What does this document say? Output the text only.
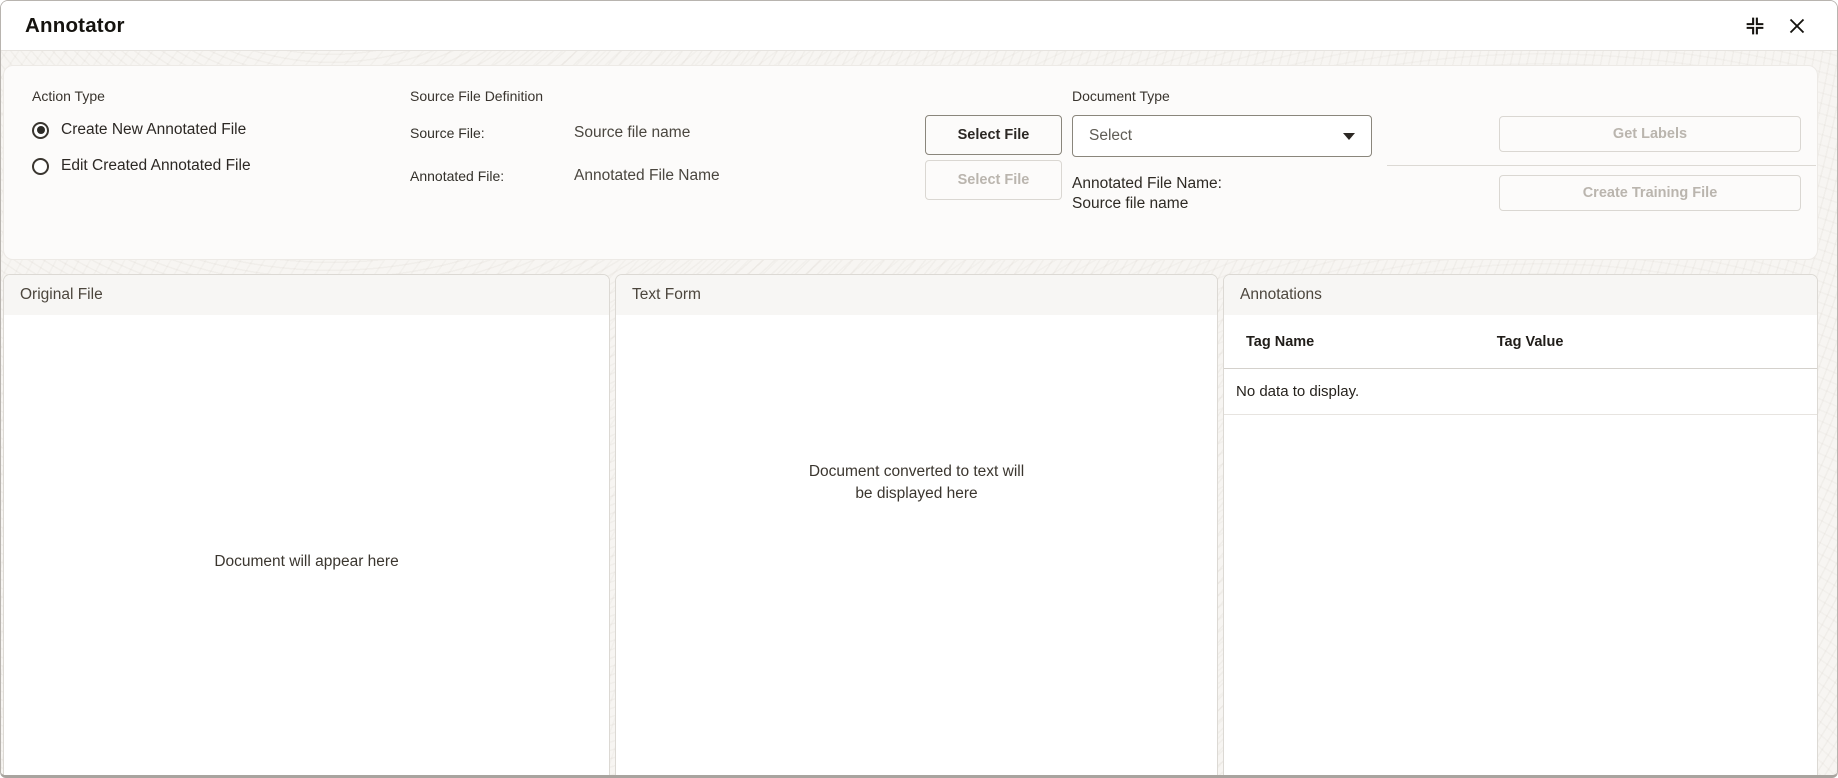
Annotator
Action Type
Create New Annotated File
Edit Created Annotated File
Source File Definition
Source File:	Source file name	Select File
Annotated File:	Annotated File Name	Select File
Document Type
Select
Annotated File Name:
Source file name
Get Labels
Create Training File
Original File
Document will appear here
Text Form
Document converted to text will
be displayed here
Annotations
Tag Name	Tag Value
No data to display.
